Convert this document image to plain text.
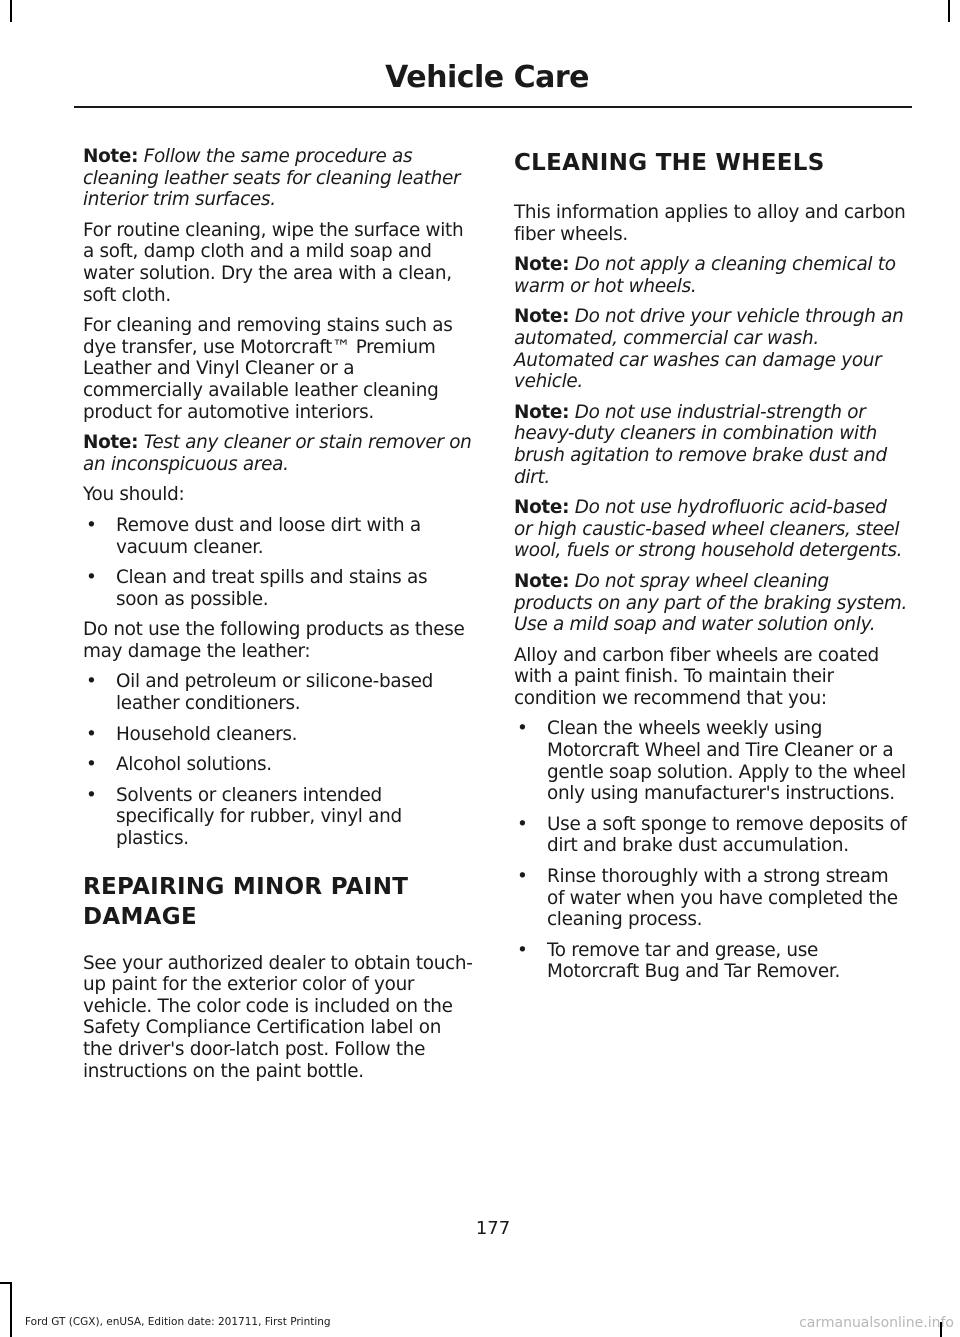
Vehicle Care

Note: Follow the same procedure as cleaning leather seats for cleaning leather interior trim surfaces.

For routine cleaning, wipe the surface with a soft, damp cloth and a mild soap and water solution. Dry the area with a clean, soft cloth.

For cleaning and removing stains such as dye transfer, use Motorcraft™ Premium Leather and Vinyl Cleaner or a commercially available leather cleaning product for automotive interiors.

Note: Test any cleaner or stain remover on an inconspicuous area.

You should:

• Remove dust and loose dirt with a vacuum cleaner.
• Clean and treat spills and stains as soon as possible.

Do not use the following products as these may damage the leather:

• Oil and petroleum or silicone-based leather conditioners.
• Household cleaners.
• Alcohol solutions.
• Solvents or cleaners intended specifically for rubber, vinyl and plastics.
REPAIRING MINOR PAINT
DAMAGE

See your authorized dealer to obtain touch-up paint for the exterior color of your vehicle. The color code is included on the Safety Compliance Certification label on the driver's door-latch post. Follow the instructions on the paint bottle.

CLEANING THE WHEELS

This information applies to alloy and carbon fiber wheels.

Note: Do not apply a cleaning chemical to warm or hot wheels.

Note: Do not drive your vehicle through an automated, commercial car wash. Automated car washes can damage your vehicle.

Note: Do not use industrial-strength or heavy-duty cleaners in combination with brush agitation to remove brake dust and dirt.

Note: Do not use hydrofluoric acid-based or high caustic-based wheel cleaners, steel wool, fuels or strong household detergents.

Note: Do not spray wheel cleaning products on any part of the braking system. Use a mild soap and water solution only.

Alloy and carbon fiber wheels are coated with a paint finish. To maintain their condition we recommend that you:

• Clean the wheels weekly using Motorcraft Wheel and Tire Cleaner or a gentle soap solution. Apply to the wheel only using manufacturer's instructions.
• Use a soft sponge to remove deposits of dirt and brake dust accumulation.
• Rinse thoroughly with a strong stream of water when you have completed the cleaning process.
• To remove tar and grease, use Motorcraft Bug and Tar Remover.
177
Ford GT (CGX), enUSA, Edition date: 201711, First Printing	carmanualsonline.info
